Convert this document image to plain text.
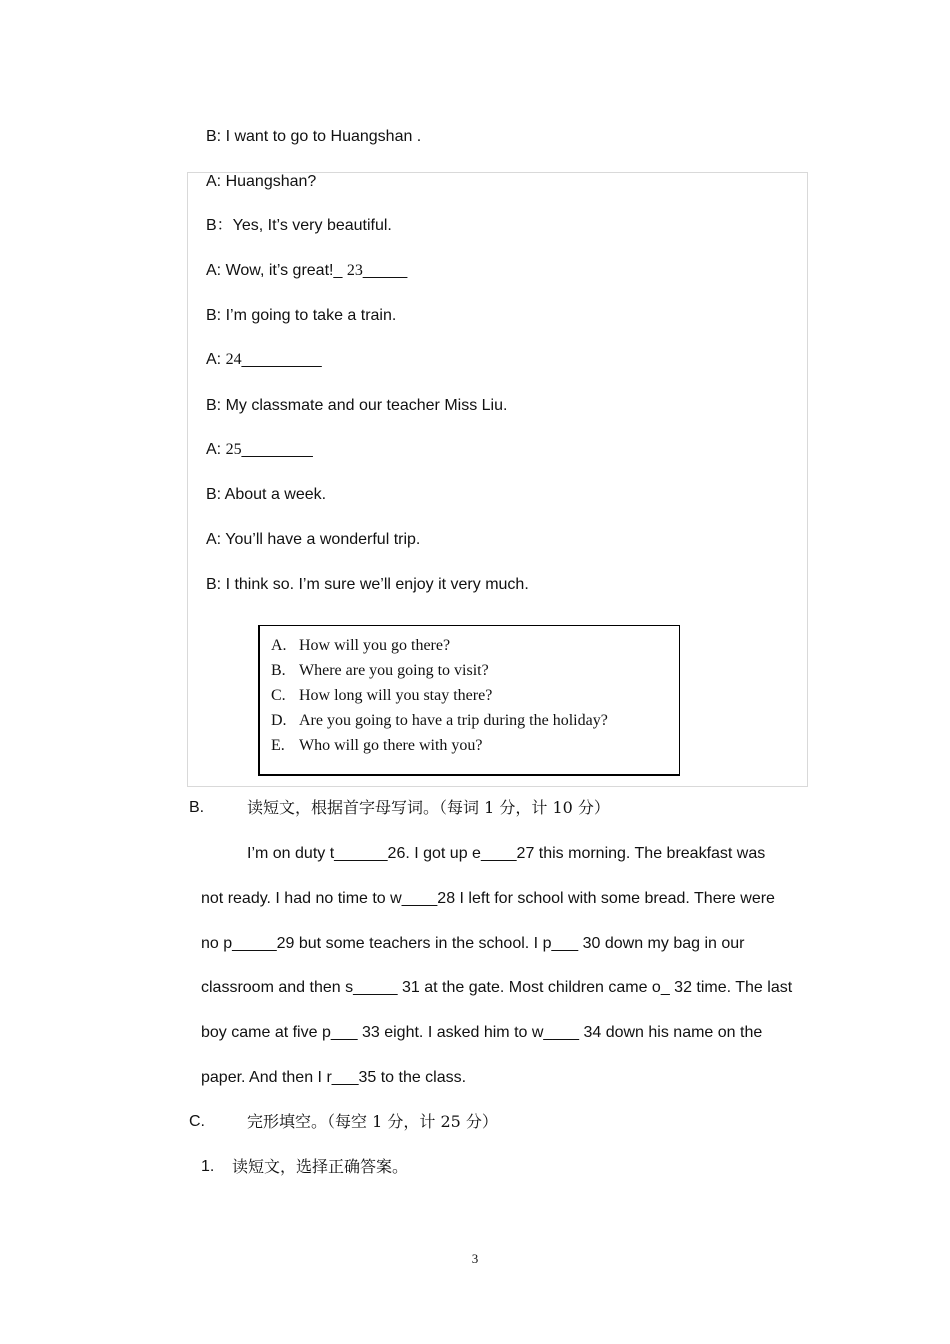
B: I want to go to Huangshan .
A: Huangshan?
B：Yes, It’s very beautiful.
A: Wow, it’s great!_ 23_____
B: I’m going to take a train.
A: 24_________
B: My classmate and our teacher Miss Liu.
A: 25________
B: About a week.
A: You’ll have a wonderful trip.
B: I think so. I’m sure we’ll enjoy it very much.
A. How will you go there?
B. Where are you going to visit?
C. How long will you stay there?
D. Are you going to have a trip during the holiday?
E. Who will go there with you?
B.	读短文，根据首字母写词。（每词 1 分，计 10 分）
I’m on duty t______26. I got up e____27 this morning. The breakfast was
not ready. I had no time to w____28 I left for school with some bread. There were
no p_____29 but some teachers in the school. I p___ 30 down my bag in our
classroom and then s_____ 31 at the gate. Most children came o_ 32 time. The last
boy came at five p___ 33 eight. I asked him to w____ 34 down his name on the
paper. And then I r___35 to the class.
C.	完形填空。（每空 1 分，计 25 分）
1. 读短文，选择正确答案。
3
